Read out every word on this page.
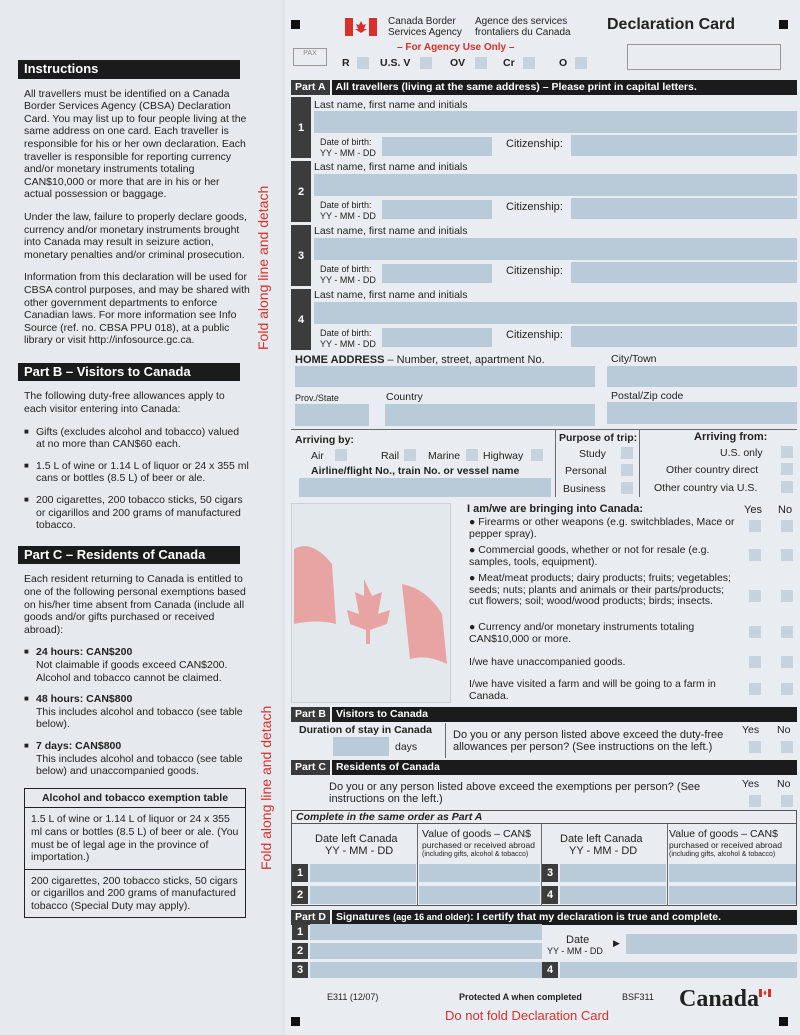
Instructions

All travellers must be identified on a Canada Border Services Agency (CBSA) Declaration Card. You may list up to four people living at the same address on one card. Each traveller is responsible for his or her own declaration. Each traveller is responsible for reporting currency and/or monetary instruments totaling CAN$10,000 or more that are in his or her actual possession or baggage.

Under the law, failure to properly declare goods, currency and/or monetary instruments brought into Canada may result in seizure action, monetary penalties and/or criminal prosecution.

Information from this declaration will be used for CBSA control purposes, and may be shared with other government departments to enforce Canadian laws. For more information see Info Source (ref. no. CBSA PPU 018), at a public library or visit http://infosource.gc.ca.

Part B – Visitors to Canada

The following duty-free allowances apply to each visitor entering into Canada:

■ Gifts (excludes alcohol and tobacco) valued at no more than CAN$60 each.
■ 1.5 L of wine or 1.14 L of liquor or 24 x 355 ml cans or bottles (8.5 L) of beer or ale.
■ 200 cigarettes, 200 tobacco sticks, 50 cigars or cigarillos and 200 grams of manufactured tobacco.
Part C – Residents of Canada

Each resident returning to Canada is entitled to one of the following personal exemptions based on his/her time absent from Canada (include all goods and/or gifts purchased or received abroad):

■ 24 hours: CAN$200
Not claimable if goods exceed CAN$200. Alcohol and tobacco cannot be claimed.
■ 48 hours: CAN$800
This includes alcohol and tobacco (see table below).
■ 7 days: CAN$800
This includes alcohol and tobacco (see table below) and unaccompanied goods.
Alcohol and tobacco exemption table
1.5 L of wine or 1.14 L of liquor or 24 x 355 ml cans or bottles (8.5 L) of beer or ale. (You must be of legal age in the province of importation.)
200 cigarettes, 200 tobacco sticks, 50 cigars or cigarillos and 200 grams of manufactured tobacco (Special Duty may apply).
Fold along line and detach
Fold along line and detach
Canada Border Services Agency
Agence des services frontaliers du Canada	Declaration Card
– For Agency Use Only –
PAX
R	U.S. V	OV	Cr	O
Part A All travellers (living at the same address) – Please print in capital letters.
1
Last name, first name and initials
Date of birth:
YY - MM - DD
Citizenship:
2
Last name, first name and initials
Date of birth:
YY - MM - DD
Citizenship:
3
Last name, first name and initials
Date of birth:
YY - MM - DD
Citizenship:
4
Last name, first name and initials
Date of birth:
YY - MM - DD
Citizenship:
HOME ADDRESS – Number, street, apartment No.	City/Town
Prov./State	Country	Postal/Zip code
Arriving by:
Air	Rail	Marine Highway
Airline/flight No., train No. or vessel name
Purpose of trip:
Study
Personal
Business
Arriving from:
U.S. only
Other country direct
Other country via U.S.
I am/we are bringing into Canada:	Yes No
● Firearms or other weapons (e.g. switchblades, Mace or pepper spray).
● Commercial goods, whether or not for resale (e.g. samples, tools, equipment).
● Meat/meat products; dairy products; fruits; vegetables; seeds; nuts; plants and animals or their parts/products; cut flowers; soil; wood/wood products; birds; insects.
● Currency and/or monetary instruments totaling CAN$10,000 or more.
I/we have unaccompanied goods.
I/we have visited a farm and will be going to a farm in Canada.
Part B Visitors to Canada
Duration of stay in Canada
days
Do you or any person listed above exceed the duty-free allowances per person? (See instructions on the left.)
Yes No
Part C Residents of Canada
Do you or any person listed above exceed the exemptions per person? (See instructions on the left.)
Yes No
Complete in the same order as Part A
Date left Canada
YY - MM - DD
Value of goods – CAN$
purchased or received abroad
(including gifts, alcohol & tobacco)
Date left Canada
YY - MM - DD
Value of goods – CAN$
purchased or received abroad
(including gifts, alcohol & tobacco)
1
2
3
4
Part D Signatures (age 16 and older): I certify that my declaration is true and complete.
1
2
3
Date
YY - MM - DD
▶
4
E311 (12/07)	Protected A when completed	BSF311 Canada
Do not fold Declaration Card
